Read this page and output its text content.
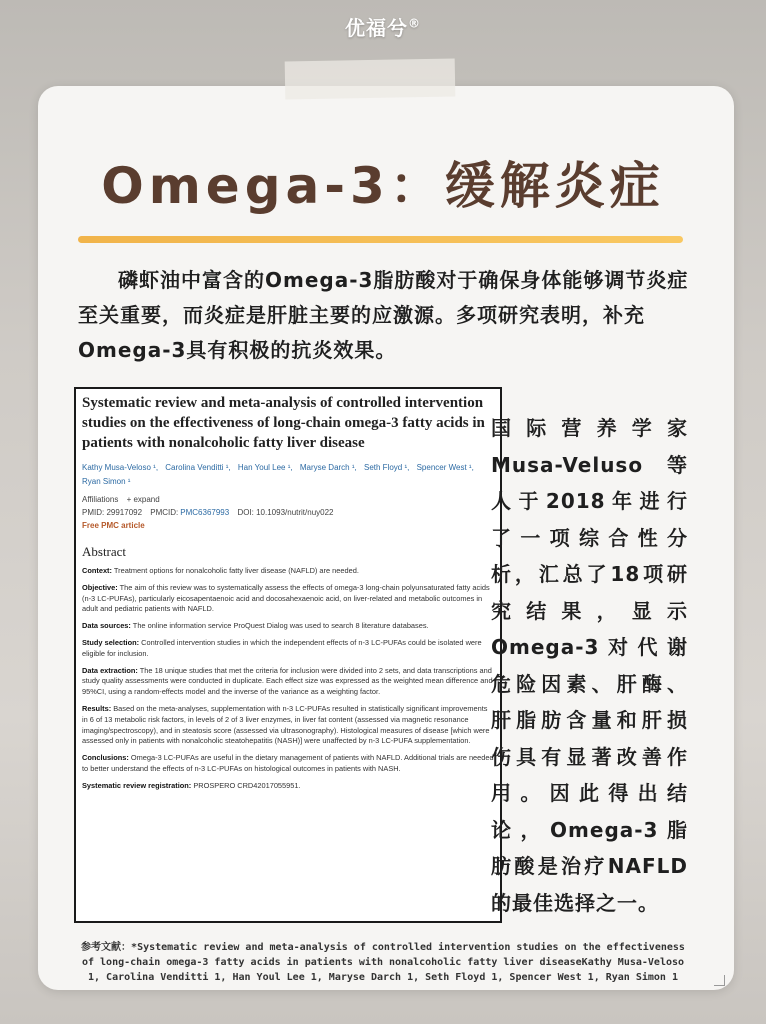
优福兮®
Omega-3：缓解炎症

磷虾油中富含的Omega-3脂肪酸对于确保身体能够调节炎症至关重要，而炎症是肝脏主要的应激源。多项研究表明，补充Omega-3具有积极的抗炎效果。

Systematic review and meta-analysis of controlled intervention studies on the effectiveness of long-chain omega-3 fatty acids in patients with nonalcoholic fatty liver disease
Kathy Musa-Veloso ¹, Carolina Venditti ¹, Han Youl Lee ¹, Maryse Darch ¹, Seth Floyd ¹, Spencer West ¹, Ryan Simon ¹
Affiliations + expand
PMID: 29917092 PMCID: PMC6367993 DOI: 10.1093/nutrit/nuy022
Free PMC article
Abstract
Context: Treatment options for nonalcoholic fatty liver disease (NAFLD) are needed.
Objective: The aim of this review was to systematically assess the effects of omega-3 long-chain polyunsaturated fatty acids (n-3 LC-PUFAs), particularly eicosapentaenoic acid and docosahexaenoic acid, on liver-related and metabolic outcomes in adult and pediatric patients with NAFLD.
Data sources: The online information service ProQuest Dialog was used to search 8 literature databases.
Study selection: Controlled intervention studies in which the independent effects of n-3 LC-PUFAs could be isolated were eligible for inclusion.
Data extraction: The 18 unique studies that met the criteria for inclusion were divided into 2 sets, and data transcriptions and study quality assessments were conducted in duplicate. Each effect size was expressed as the weighted mean difference and 95%CI, using a random-effects model and the inverse of the variance as a weighting factor.
Results: Based on the meta-analyses, supplementation with n-3 LC-PUFAs resulted in statistically significant improvements in 6 of 13 metabolic risk factors, in levels of 2 of 3 liver enzymes, in liver fat content (assessed via magnetic resonance imaging/spectroscopy), and in steatosis score (assessed via ultrasonography). Histological measures of disease [which were assessed only in patients with nonalcoholic steatohepatitis (NASH)] were unaffected by n-3 LC-PUFA supplementation.
Conclusions: Omega-3 LC-PUFAs are useful in the dietary management of patients with NAFLD. Additional trials are needed to better understand the effects of n-3 LC-PUFAs on histological outcomes in patients with NASH.
Systematic review registration: PROSPERO CRD42017055951.
国际营养学家
Musa-Veluso 等
人于2018年进行
了一项综合性分
析，汇总了18项研
究结果，显示
Omega-3对代谢
危险因素、肝酶、
肝脂肪含量和肝损
伤具有显著改善作
用。因此得出结
论，Omega-3脂
肪酸是治疗NAFLD
的最佳选择之一。
参考文献：*Systematic review and meta-analysis of controlled intervention studies on the effectiveness of long-chain omega-3 fatty acids in patients with nonalcoholic fatty liver diseaseKathy Musa-Veloso 1, Carolina Venditti 1, Han Youl Lee 1, Maryse Darch 1, Seth Floyd 1, Spencer West 1, Ryan Simon 1
